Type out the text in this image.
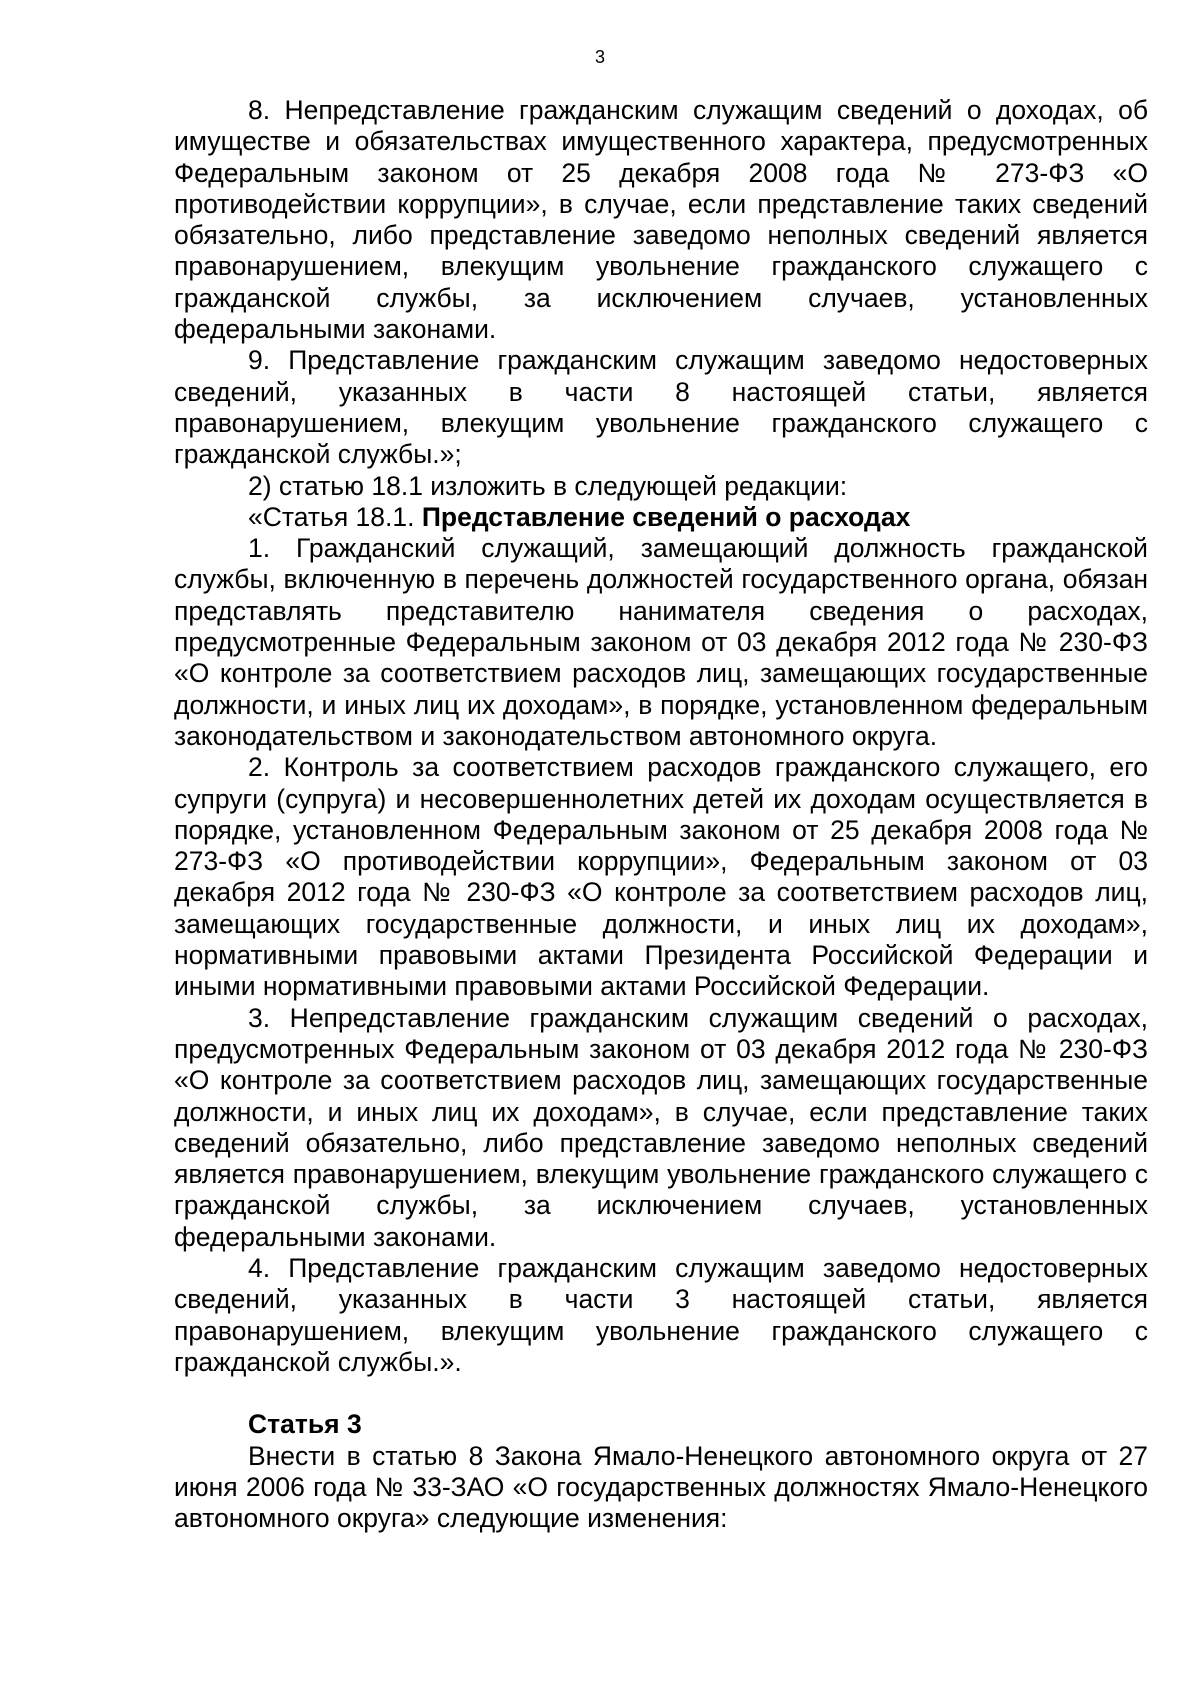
3

8. Непредставление гражданским служащим сведений о доходах, об имуществе и обязательствах имущественного характера, предусмотренных Федеральным законом от 25 декабря 2008 года № 273-ФЗ «О противодействии коррупции», в случае, если представление таких сведений обязательно, либо представление заведомо неполных сведений является правонарушением, влекущим увольнение гражданского служащего с гражданской службы, за исключением случаев, установленных федеральными законами.

9. Представление гражданским служащим заведомо недостоверных сведений, указанных в части 8 настоящей статьи, является правонарушением, влекущим увольнение гражданского служащего с гражданской службы.»;

2) статью 18.1 изложить в следующей редакции:

«Статья 18.1. Представление сведений о расходах

1. Гражданский служащий, замещающий должность гражданской службы, включенную в перечень должностей государственного органа, обязан представлять представителю нанимателя сведения о расходах, предусмотренные Федеральным законом от 03 декабря 2012 года № 230-ФЗ «О контроле за соответствием расходов лиц, замещающих государственные должности, и иных лиц их доходам», в порядке, установленном федеральным законодательством и законодательством автономного округа.

2. Контроль за соответствием расходов гражданского служащего, его супруги (супруга) и несовершеннолетних детей их доходам осуществляется в порядке, установленном Федеральным законом от 25 декабря 2008 года № 273-ФЗ «О противодействии коррупции», Федеральным законом от 03 декабря 2012 года № 230-ФЗ «О контроле за соответствием расходов лиц, замещающих государственные должности, и иных лиц их доходам», нормативными правовыми актами Президента Российской Федерации и иными нормативными правовыми актами Российской Федерации.

3. Непредставление гражданским служащим сведений о расходах, предусмотренных Федеральным законом от 03 декабря 2012 года № 230-ФЗ «О контроле за соответствием расходов лиц, замещающих государственные должности, и иных лиц их доходам», в случае, если представление таких сведений обязательно, либо представление заведомо неполных сведений является правонарушением, влекущим увольнение гражданского служащего с гражданской службы, за исключением случаев, установленных федеральными законами.

4. Представление гражданским служащим заведомо недостоверных сведений, указанных в части 3 настоящей статьи, является правонарушением, влекущим увольнение гражданского служащего с гражданской службы.».

Статья 3

Внести в статью 8 Закона Ямало-Ненецкого автономного округа от 27 июня 2006 года № 33-ЗАО «О государственных должностях Ямало-Ненецкого автономного округа» следующие изменения:
